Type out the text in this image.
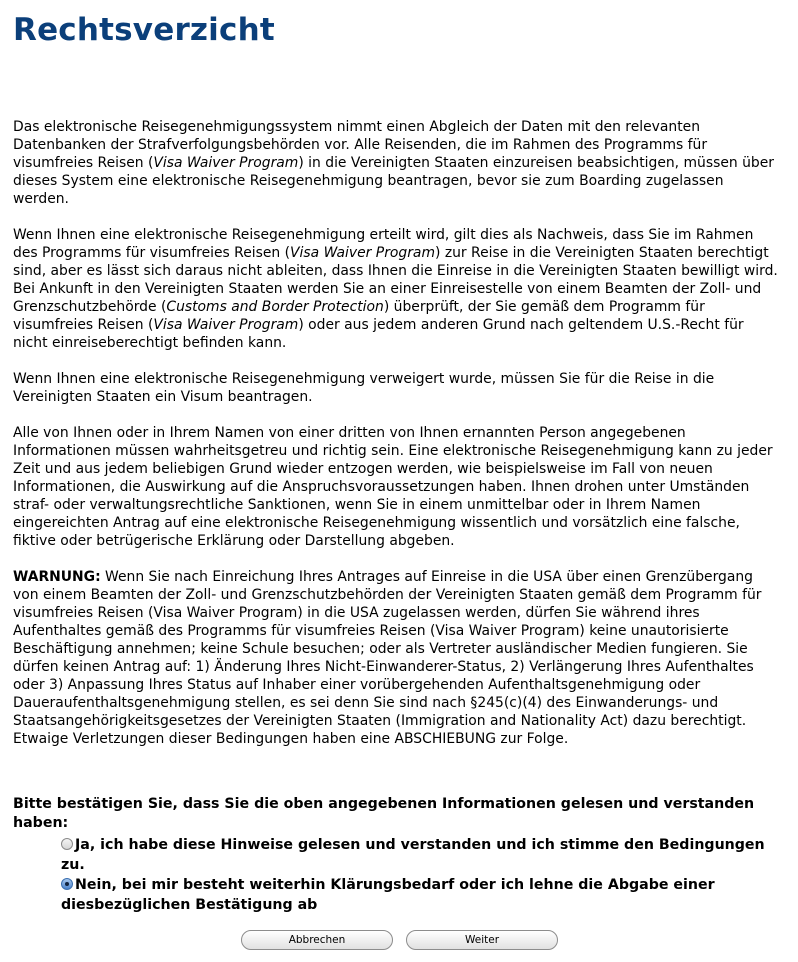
Rechtsverzicht

Das elektronische Reisegenehmigungssystem nimmt einen Abgleich der Daten mit den relevanten Datenbanken der Strafverfolgungsbehörden vor. Alle Reisenden, die im Rahmen des Programms für visumfreies Reisen (Visa Waiver Program) in die Vereinigten Staaten einzureisen beabsichtigen, müssen über dieses System eine elektronische Reisegenehmigung beantragen, bevor sie zum Boarding zugelassen werden.

Wenn Ihnen eine elektronische Reisegenehmigung erteilt wird, gilt dies als Nachweis, dass Sie im Rahmen des Programms für visumfreies Reisen (Visa Waiver Program) zur Reise in die Vereinigten Staaten berechtigt sind, aber es lässt sich daraus nicht ableiten, dass Ihnen die Einreise in die Vereinigten Staaten bewilligt wird. Bei Ankunft in den Vereinigten Staaten werden Sie an einer Einreisestelle von einem Beamten der Zoll- und Grenzschutzbehörde (Customs and Border Protection) überprüft, der Sie gemäß dem Programm für visumfreies Reisen (Visa Waiver Program) oder aus jedem anderen Grund nach geltendem U.S.-Recht für nicht einreiseberechtigt befinden kann.

Wenn Ihnen eine elektronische Reisegenehmigung verweigert wurde, müssen Sie für die Reise in die Vereinigten Staaten ein Visum beantragen.

Alle von Ihnen oder in Ihrem Namen von einer dritten von Ihnen ernannten Person angegebenen Informationen müssen wahrheitsgetreu und richtig sein. Eine elektronische Reisegenehmigung kann zu jeder Zeit und aus jedem beliebigen Grund wieder entzogen werden, wie beispielsweise im Fall von neuen Informationen, die Auswirkung auf die Anspruchsvoraussetzungen haben. Ihnen drohen unter Umständen straf- oder verwaltungsrechtliche Sanktionen, wenn Sie in einem unmittelbar oder in Ihrem Namen eingereichten Antrag auf eine elektronische Reisegenehmigung wissentlich und vorsätzlich eine falsche, fiktive oder betrügerische Erklärung oder Darstellung abgeben.

WARNUNG: Wenn Sie nach Einreichung Ihres Antrages auf Einreise in die USA über einen Grenzübergang von einem Beamten der Zoll- und Grenzschutzbehörden der Vereinigten Staaten gemäß dem Programm für visumfreies Reisen (Visa Waiver Program) in die USA zugelassen werden, dürfen Sie während ihres Aufenthaltes gemäß des Programms für visumfreies Reisen (Visa Waiver Program) keine unautorisierte Beschäftigung annehmen; keine Schule besuchen; oder als Vertreter ausländischer Medien fungieren. Sie dürfen keinen Antrag auf: 1) Änderung Ihres Nicht-Einwanderer-Status, 2) Verlängerung Ihres Aufenthaltes oder 3) Anpassung Ihres Status auf Inhaber einer vorübergehenden Aufenthaltsgenehmigung oder Daueraufenthaltsgenehmigung stellen, es sei denn Sie sind nach §245(c)(4) des Einwanderungs- und Staatsangehörigkeitsgesetzes der Vereinigten Staaten (Immigration and Nationality Act) dazu berechtigt. Etwaige Verletzungen dieser Bedingungen haben eine ABSCHIEBUNG zur Folge.

Bitte bestätigen Sie, dass Sie die oben angegebenen Informationen gelesen und verstanden haben:
Ja, ich habe diese Hinweise gelesen und verstanden und ich stimme den Bedingungen zu.
Nein, bei mir besteht weiterhin Klärungsbedarf oder ich lehne die Abgabe einer diesbezüglichen Bestätigung ab
Abbrechen	Weiter
